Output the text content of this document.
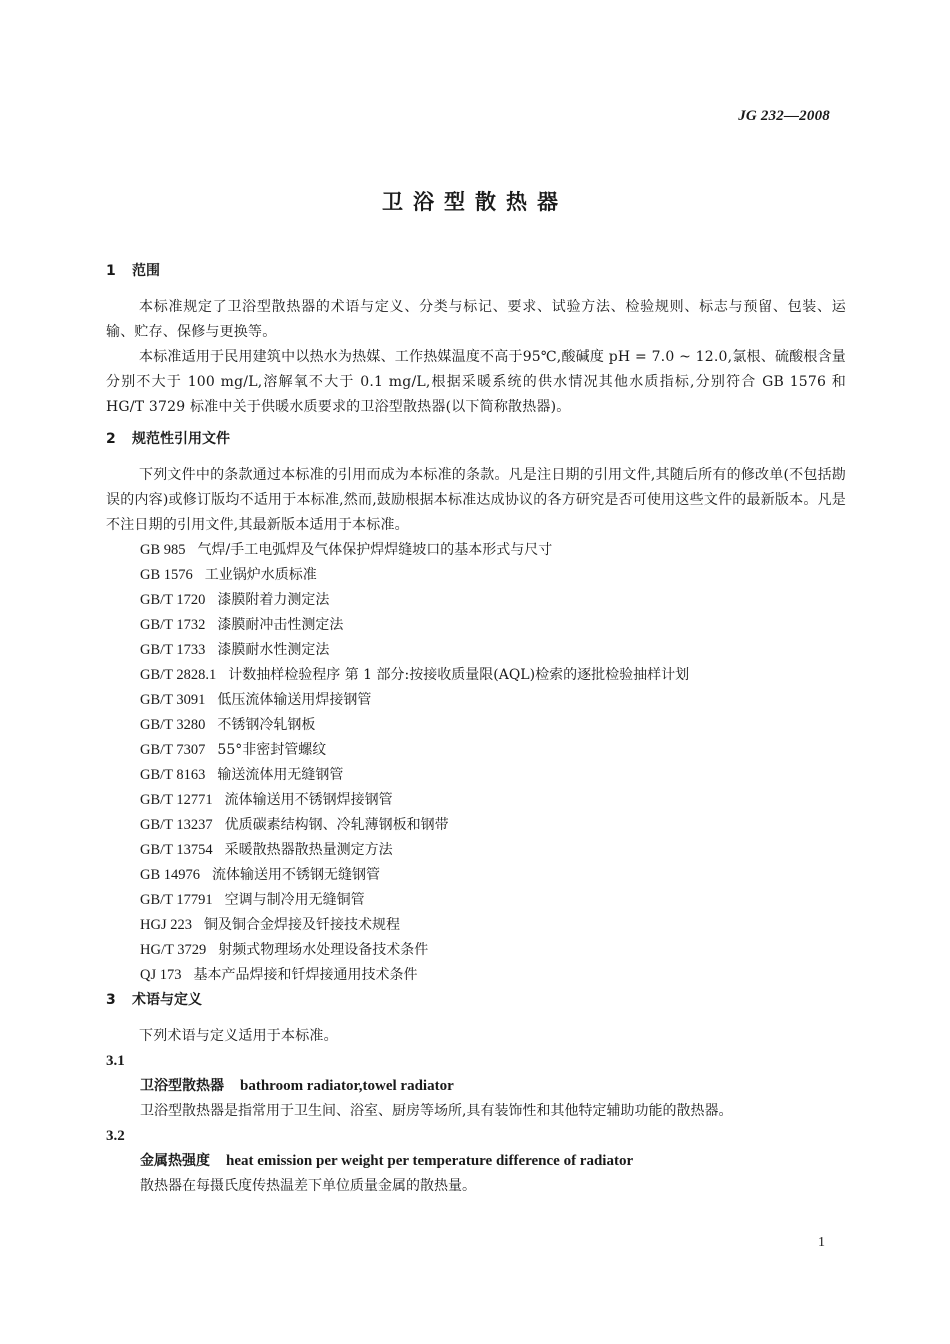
JG 232—2008
卫浴型散热器
1 范围

本标准规定了卫浴型散热器的术语与定义、分类与标记、要求、试验方法、检验规则、标志与预留、包装、运输、贮存、保修与更换等。

本标准适用于民用建筑中以热水为热媒、工作热媒温度不高于95℃,酸碱度 pH = 7.0 ~ 12.0,氯根、硫酸根含量分别不大于 100 mg/L,溶解氧不大于 0.1 mg/L,根据采暖系统的供水情况其他水质指标,分别符合 GB 1576 和 HG/T 3729 标准中关于供暖水质要求的卫浴型散热器(以下简称散热器)。

2 规范性引用文件

下列文件中的条款通过本标准的引用而成为本标准的条款。凡是注日期的引用文件,其随后所有的修改单(不包括勘误的内容)或修订版均不适用于本标准,然而,鼓励根据本标准达成协议的各方研究是否可使用这些文件的最新版本。凡是不注日期的引用文件,其最新版本适用于本标准。

GB 985 气焊/手工电弧焊及气体保护焊焊缝坡口的基本形式与尺寸
GB 1576 工业锅炉水质标准
GB/T 1720 漆膜附着力测定法
GB/T 1732 漆膜耐冲击性测定法
GB/T 1733 漆膜耐水性测定法
GB/T 2828.1 计数抽样检验程序 第 1 部分:按接收质量限(AQL)检索的逐批检验抽样计划
GB/T 3091 低压流体输送用焊接钢管
GB/T 3280 不锈钢冷轧钢板
GB/T 7307 55°非密封管螺纹
GB/T 8163 输送流体用无缝钢管
GB/T 12771 流体输送用不锈钢焊接钢管
GB/T 13237 优质碳素结构钢、冷轧薄钢板和钢带
GB/T 13754 采暖散热器散热量测定方法
GB 14976 流体输送用不锈钢无缝钢管
GB/T 17791 空调与制冷用无缝铜管
HGJ 223 铜及铜合金焊接及钎接技术规程
HG/T 3729 射频式物理场水处理设备技术条件
QJ 173 基本产品焊接和钎焊接通用技术条件
3 术语与定义

下列术语与定义适用于本标准。

3.1
卫浴型散热器 bathroom radiator,towel radiator
卫浴型散热器是指常用于卫生间、浴室、厨房等场所,具有装饰性和其他特定辅助功能的散热器。
3.2
金属热强度 heat emission per weight per temperature difference of radiator
散热器在每摄氏度传热温差下单位质量金属的散热量。
1
